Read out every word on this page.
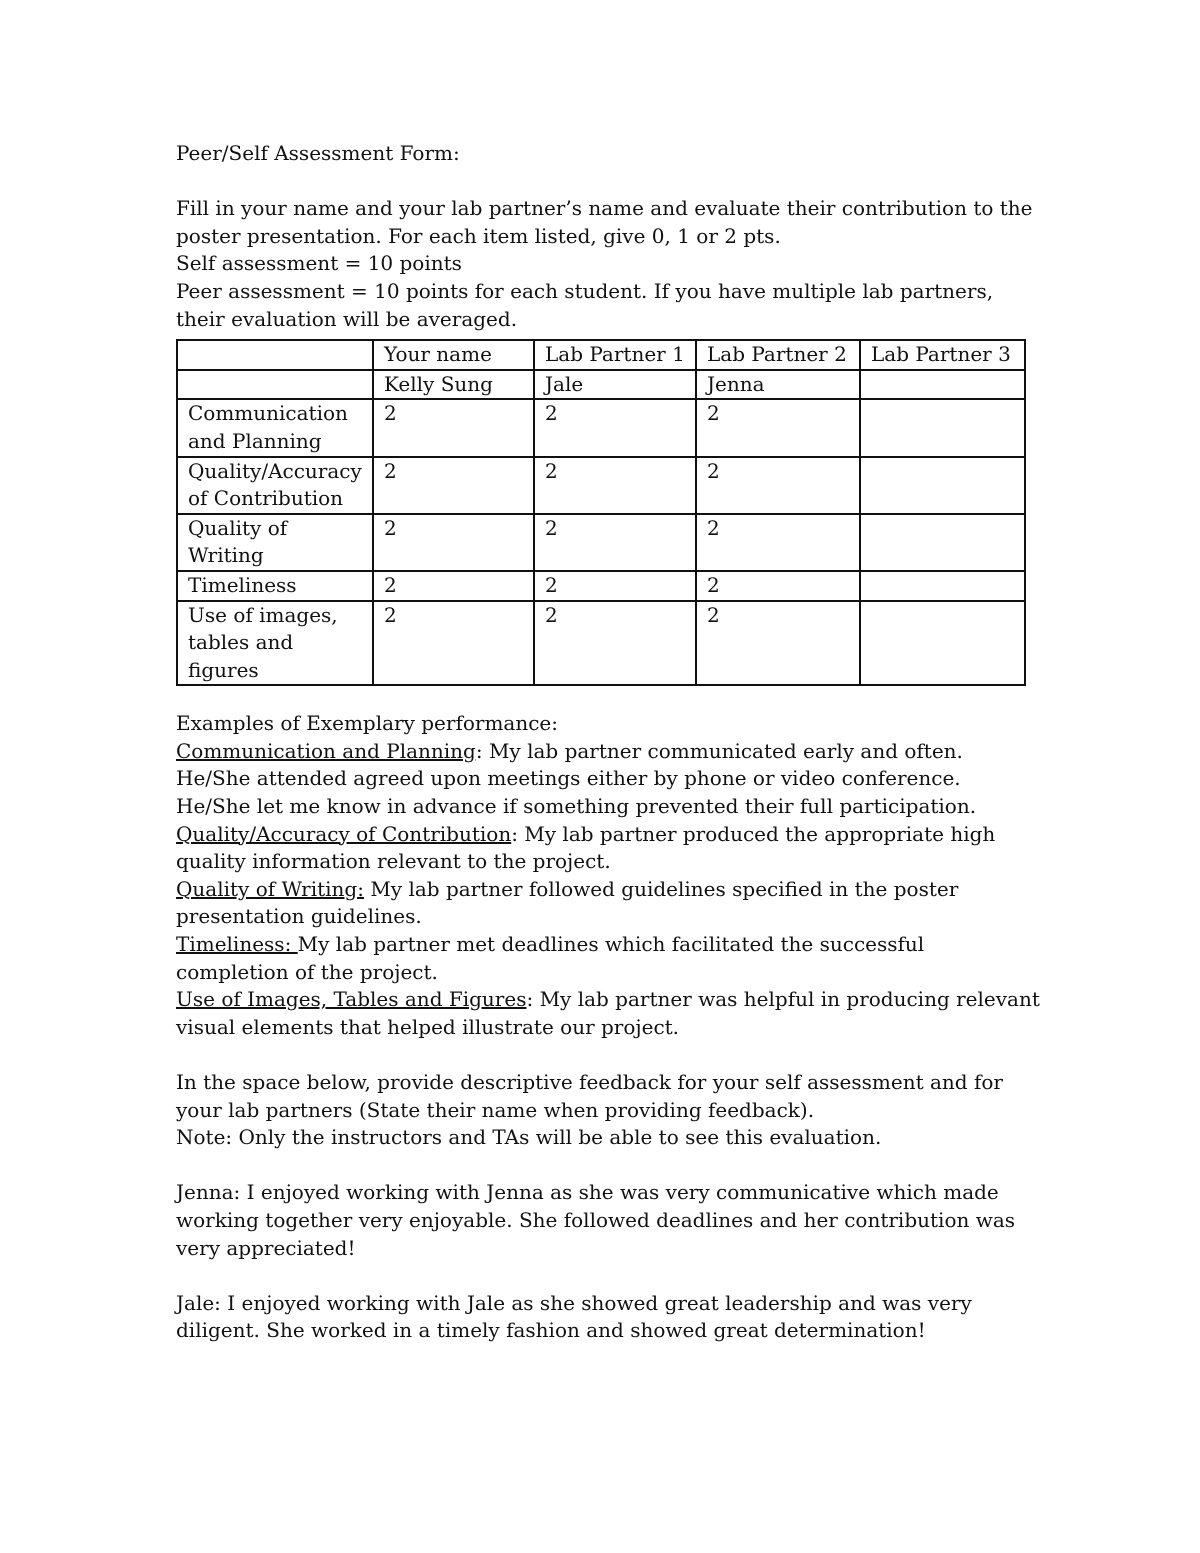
Peer/Self Assessment Form:
Fill in your name and your lab partner’s name and evaluate their contribution to the
poster presentation. For each item listed, give 0, 1 or 2 pts.
Self assessment = 10 points
Peer assessment = 10 points for each student. If you have multiple lab partners,
their evaluation will be averaged.
	Your name	Lab Partner 1	Lab Partner 2	Lab Partner 3
	Kelly Sung	Jale	Jenna	

Communication
and Planning	2	2	2	

Quality/Accuracy
of Contribution	2	2	2	

Quality of
Writing	2	2	2	

Timeliness	2	2	2	

Use of images,
tables and
figures	2	2	2	
Examples of Exemplary performance:
Communication and Planning: My lab partner communicated early and often.
He/She attended agreed upon meetings either by phone or video conference.
He/She let me know in advance if something prevented their full participation.
Quality/Accuracy of Contribution: My lab partner produced the appropriate high
quality information relevant to the project.
Quality of Writing: My lab partner followed guidelines specified in the poster
presentation guidelines.
Timeliness: My lab partner met deadlines which facilitated the successful
completion of the project.
Use of Images, Tables and Figures: My lab partner was helpful in producing relevant
visual elements that helped illustrate our project.
In the space below, provide descriptive feedback for your self assessment and for
your lab partners (State their name when providing feedback).
Note: Only the instructors and TAs will be able to see this evaluation.
Jenna: I enjoyed working with Jenna as she was very communicative which made
working together very enjoyable. She followed deadlines and her contribution was
very appreciated!
Jale: I enjoyed working with Jale as she showed great leadership and was very
diligent. She worked in a timely fashion and showed great determination!
